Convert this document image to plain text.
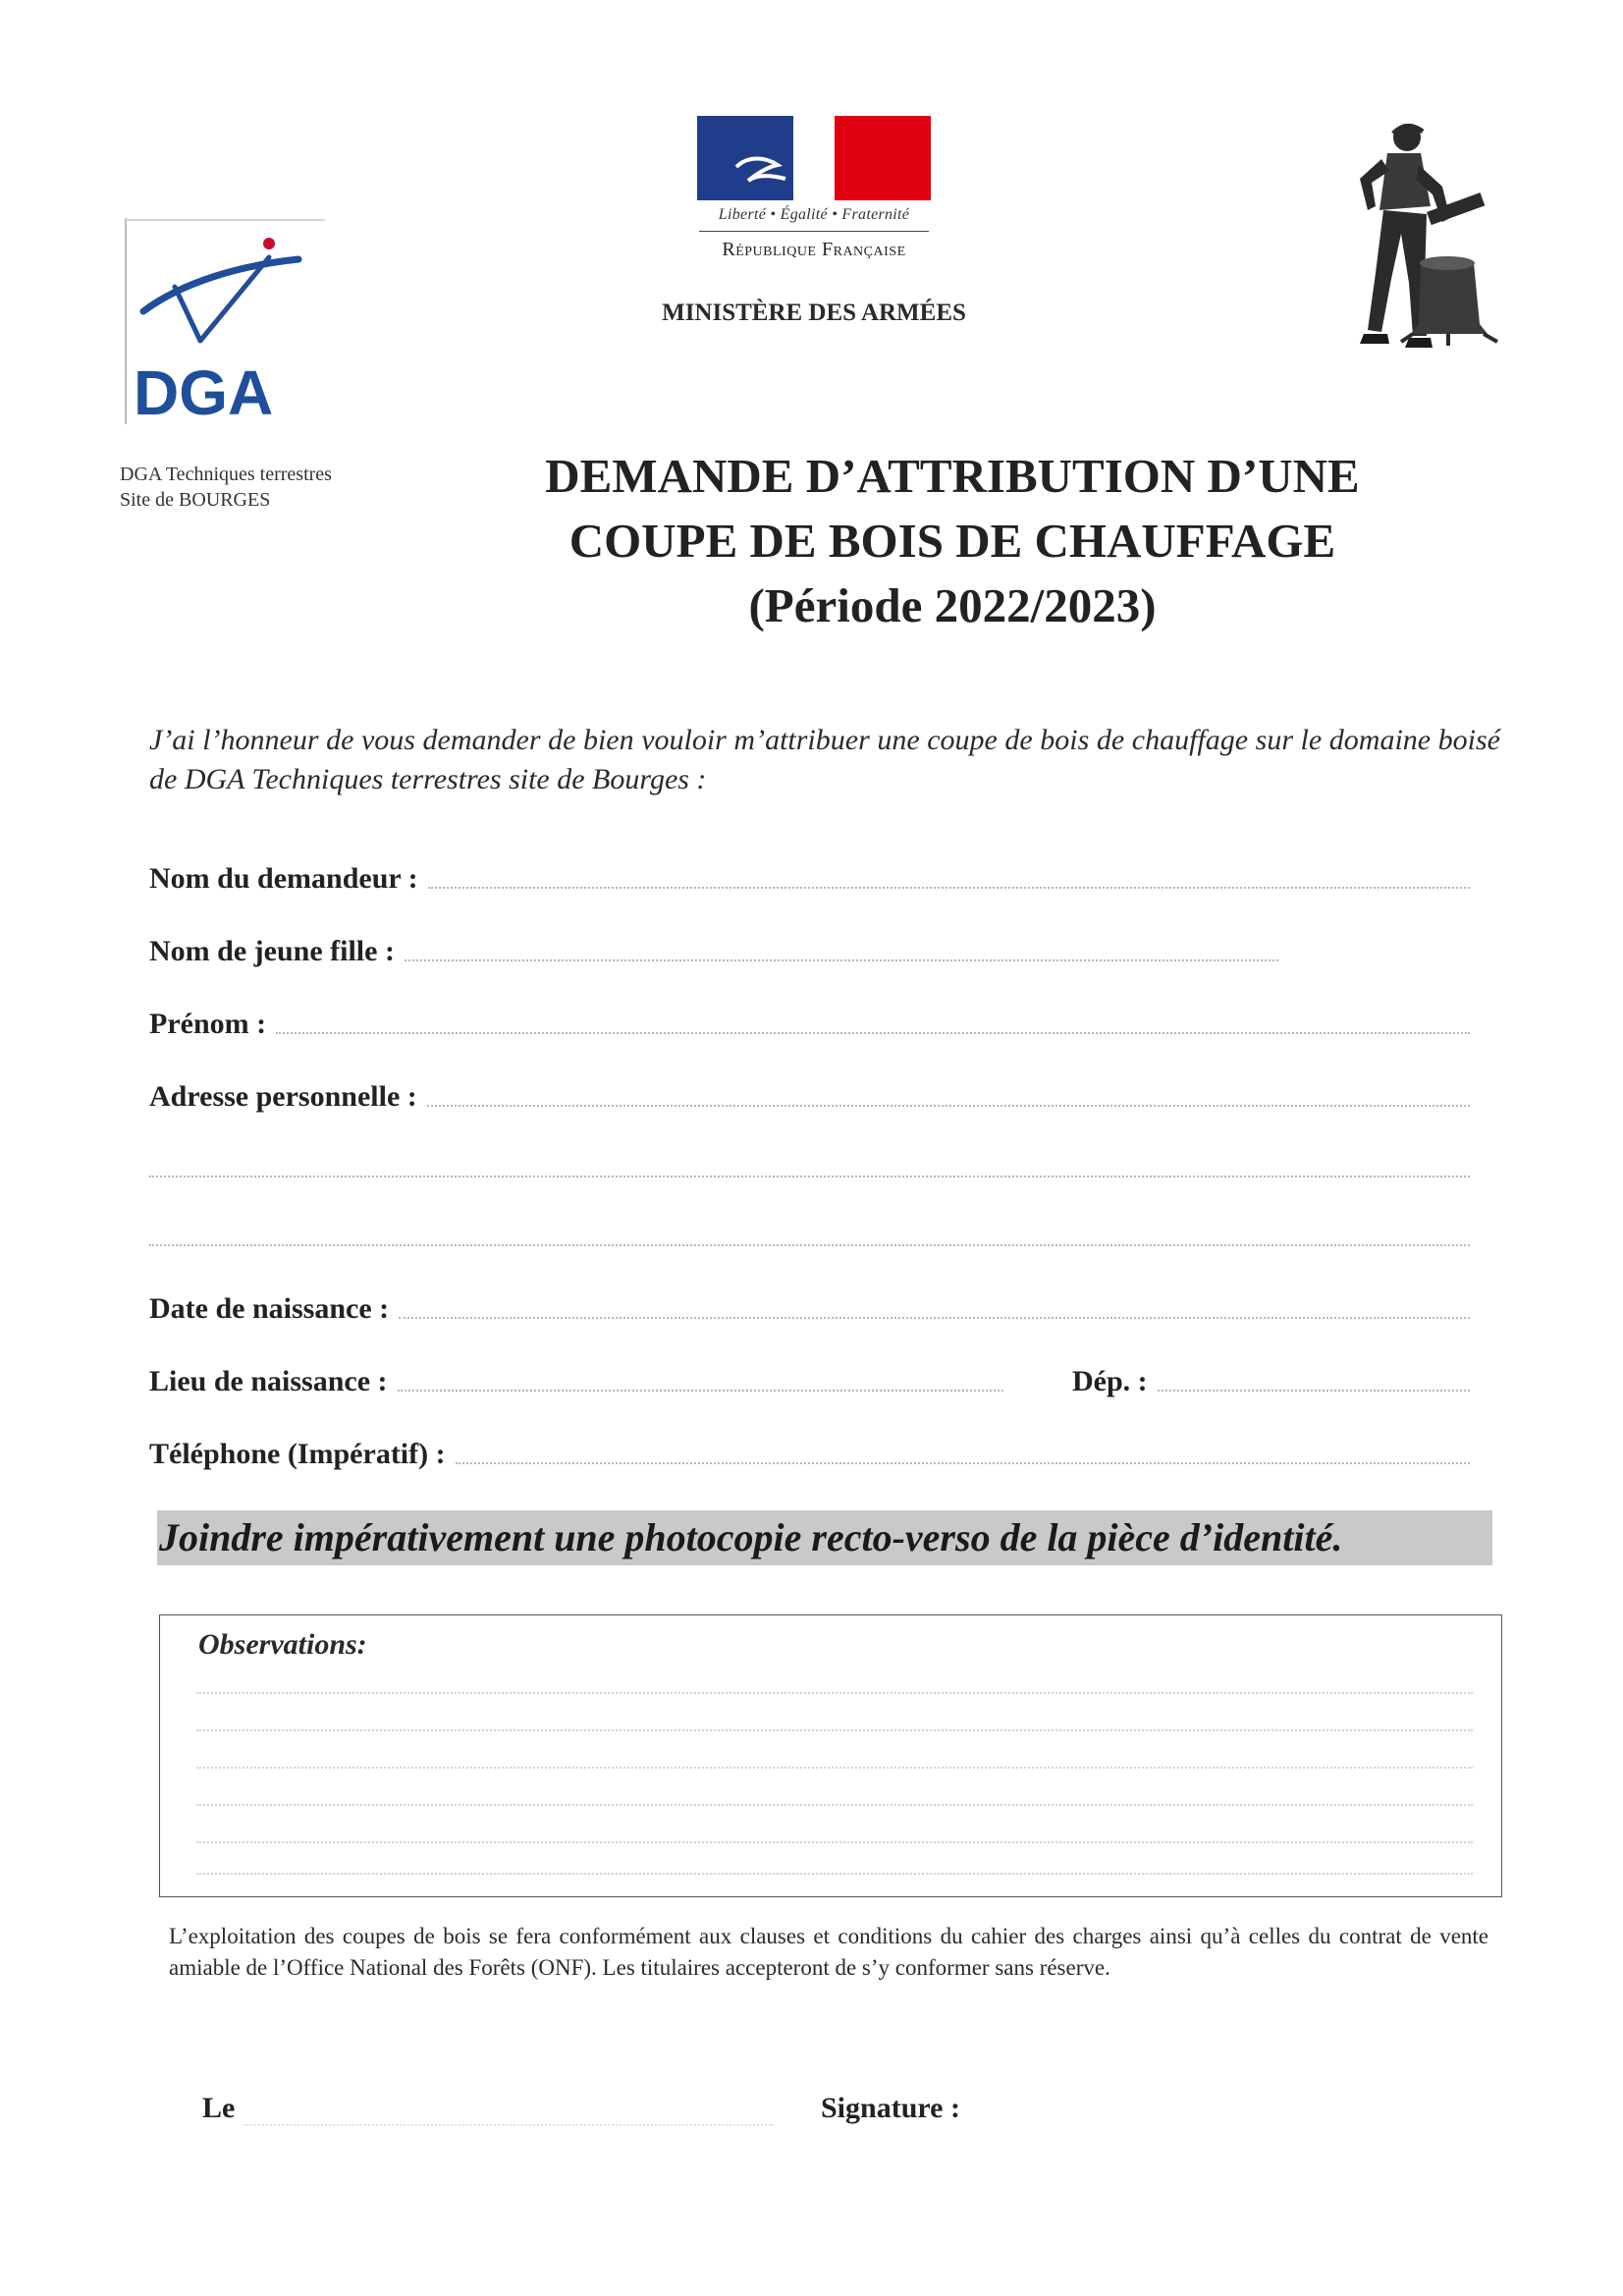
Liberté • Égalité • Fraternité
République Française
MINISTÈRE DES ARMÉES
DGA
DGA Techniques terrestres
Site de BOURGES	DEMANDE D’ATTRIBUTION D’UNE
COUPE DE BOIS DE CHAUFFAGE
(Période 2022/2023)
J’ai l’honneur de vous demander de bien vouloir m’attribuer une coupe de bois de chauffage sur le domaine boisé de DGA Techniques terrestres site de Bourges :
Nom du demandeur :
Nom de jeune fille :
Prénom :
Adresse personnelle :
Date de naissance :
Lieu de naissance :	Dép. :
Téléphone (Impératif) :
Joindre impérativement une photocopie recto-verso de la pièce d’identité.
Observations:
L’exploitation des coupes de bois se fera conformément aux clauses et conditions du cahier des charges ainsi qu’à celles du contrat de vente amiable de l’Office National des Forêts (ONF). Les titulaires accepteront de s’y conformer sans réserve.
Le	Signature :
